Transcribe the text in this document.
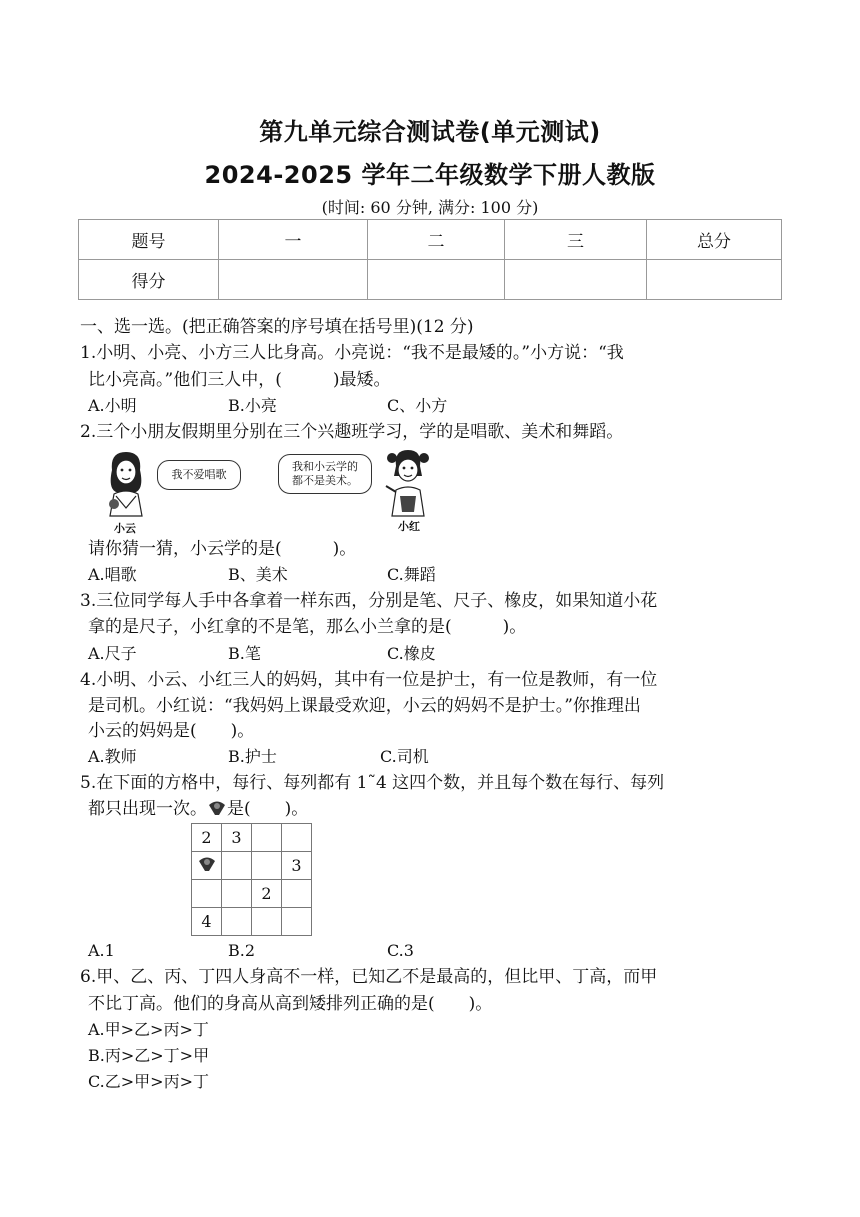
第九单元综合测试卷(单元测试)
2024-2025 学年二年级数学下册人教版
(时间: 60 分钟, 满分: 100 分)
题号	一	二	三	总分
得分				
一、选一选。(把正确答案的序号填在括号里)(12 分)
1.小明、小亮、小方三人比身高。小亮说：“我不是最矮的。”小方说：“我
比小亮高。”他们三人中，(　　　)最矮。
A.小明	B.小亮	C、小方
2.三个小朋友假期里分别在三个兴趣班学习，学的是唱歌、美术和舞蹈。
我不爱唱歌
小云
我和小云学的
都不是美术。
小红
请你猜一猜，小云学的是(　　　)。
A.唱歌	B、美术	C.舞蹈
3.三位同学每人手中各拿着一样东西，分别是笔、尺子、橡皮，如果知道小花
拿的是尺子，小红拿的不是笔，那么小兰拿的是(　　　)。
A.尺子	B.笔	C.橡皮
4.小明、小云、小红三人的妈妈，其中有一位是护士，有一位是教师，有一位
是司机。小红说：“我妈妈上课最受欢迎，小云的妈妈不是护士。”你推理出
小云的妈妈是(　　)。
A.教师	B.护士	C.司机
5.在下面的方格中，每行、每列都有 1˜4 这四个数，并且每个数在每行、每列
都只出现一次。 是(　　)。
2	3		
			3
		2	
4			
A.1	B.2	C.3
6.甲、乙、丙、丁四人身高不一样，已知乙不是最高的，但比甲、丁高，而甲
不比丁高。他们的身高从高到矮排列正确的是(　　)。
A.甲>乙>丙>丁
B.丙>乙>丁>甲
C.乙>甲>丙>丁
